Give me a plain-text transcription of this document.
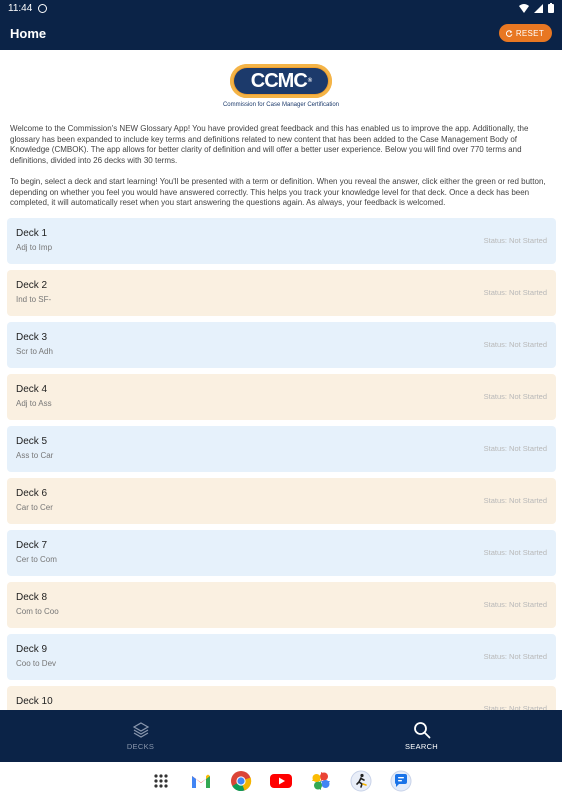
11:44
Home	RESET
CCMC ®
Commission for Case Manager Certification

Welcome to the Commission's NEW Glossary App! You have provided great feedback and this has enabled us to improve the app. Additionally, the glossary has been expanded to include key terms and definitions related to new content that has been added to the Case Management Body of Knowledge (CMBOK). The app allows for better clarity of definition and will offer a better user experience. Below you will find over 770 terms and definitions, divided into 26 decks with 30 terms.

To begin, select a deck and start learning! You'll be presented with a term or definition. When you reveal the answer, click either the green or red button, depending on whether you feel you would have answered correctly. This helps you track your knowledge level for that deck. Once a deck has been completed, it will automatically reset when you start answering the questions again. As always, your feedback is welcomed.

Deck 1
Adj to Imp
Status: Not Started
Deck 2
Ind to SF-
Status: Not Started
Deck 3
Scr to Adh
Status: Not Started
Deck 4
Adj to Ass
Status: Not Started
Deck 5
Ass to Car
Status: Not Started
Deck 6
Car to Cer
Status: Not Started
Deck 7
Cer to Com
Status: Not Started
Deck 8
Com to Coo
Status: Not Started
Deck 9
Coo to Dev
Status: Not Started
Deck 10
Status: Not Started
DECKS	SEARCH
